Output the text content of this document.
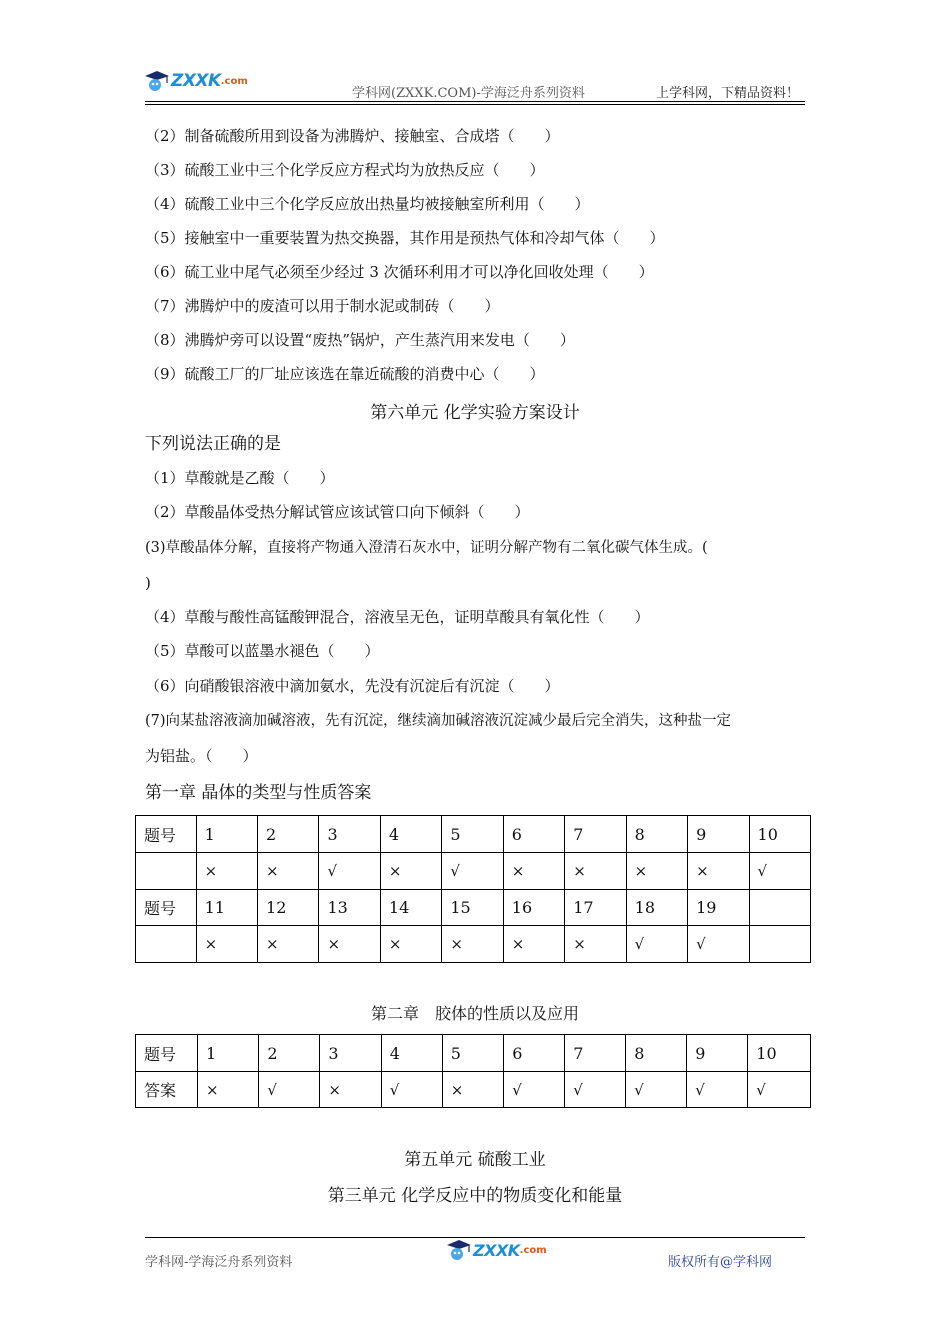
ZXXK .com
学科网(ZXXK.COM)-学海泛舟系列资料	上学科网，下精品资料！
（2）制备硫酸所用到设备为沸腾炉、接触室、合成塔（　　）
（3）硫酸工业中三个化学反应方程式均为放热反应（　　）
（4）硫酸工业中三个化学反应放出热量均被接触室所利用（　　）
（5）接触室中一重要装置为热交换器，其作用是预热气体和冷却气体（　　）
（6）硫工业中尾气必须至少经过 3 次循环利用才可以净化回收处理（　　）
（7）沸腾炉中的废渣可以用于制水泥或制砖（　　）
（8）沸腾炉旁可以设置“废热”锅炉，产生蒸汽用来发电（　　）
（9）硫酸工厂的厂址应该选在靠近硫酸的消费中心（　　）
第六单元 化学实验方案设计
下列说法正确的是
（1）草酸就是乙酸（　　）
（2）草酸晶体受热分解试管应该试管口向下倾斜（　　）
(3)草酸晶体分解，直接将产物通入澄清石灰水中，证明分解产物有二氧化碳气体生成。(
)
（4）草酸与酸性高锰酸钾混合，溶液呈无色，证明草酸具有氧化性（　　）
（5）草酸可以蓝墨水褪色（　　）
（6）向硝酸银溶液中滴加氨水，先没有沉淀后有沉淀（　　）
(7)向某盐溶液滴加碱溶液，先有沉淀，继续滴加碱溶液沉淀减少最后完全消失，这种盐一定
为铝盐。（　　）
第一章 晶体的类型与性质答案
题号	1	2	3	4	5	6	7	8	9	10
	×	×	√	×	√	×	×	×	×	√
题号	11	12	13	14	15	16	17	18	19	
	×	×	×	×	×	×	×	√	√	
第二章　胶体的性质以及应用
题号	1	2	3	4	5	6	7	8	9	10
答案	×	√	×	√	×	√	√	√	√	√
第五单元 硫酸工业
第三单元 化学反应中的物质变化和能量
学科网-学海泛舟系列资料
ZXXK .com
版权所有@学科网
